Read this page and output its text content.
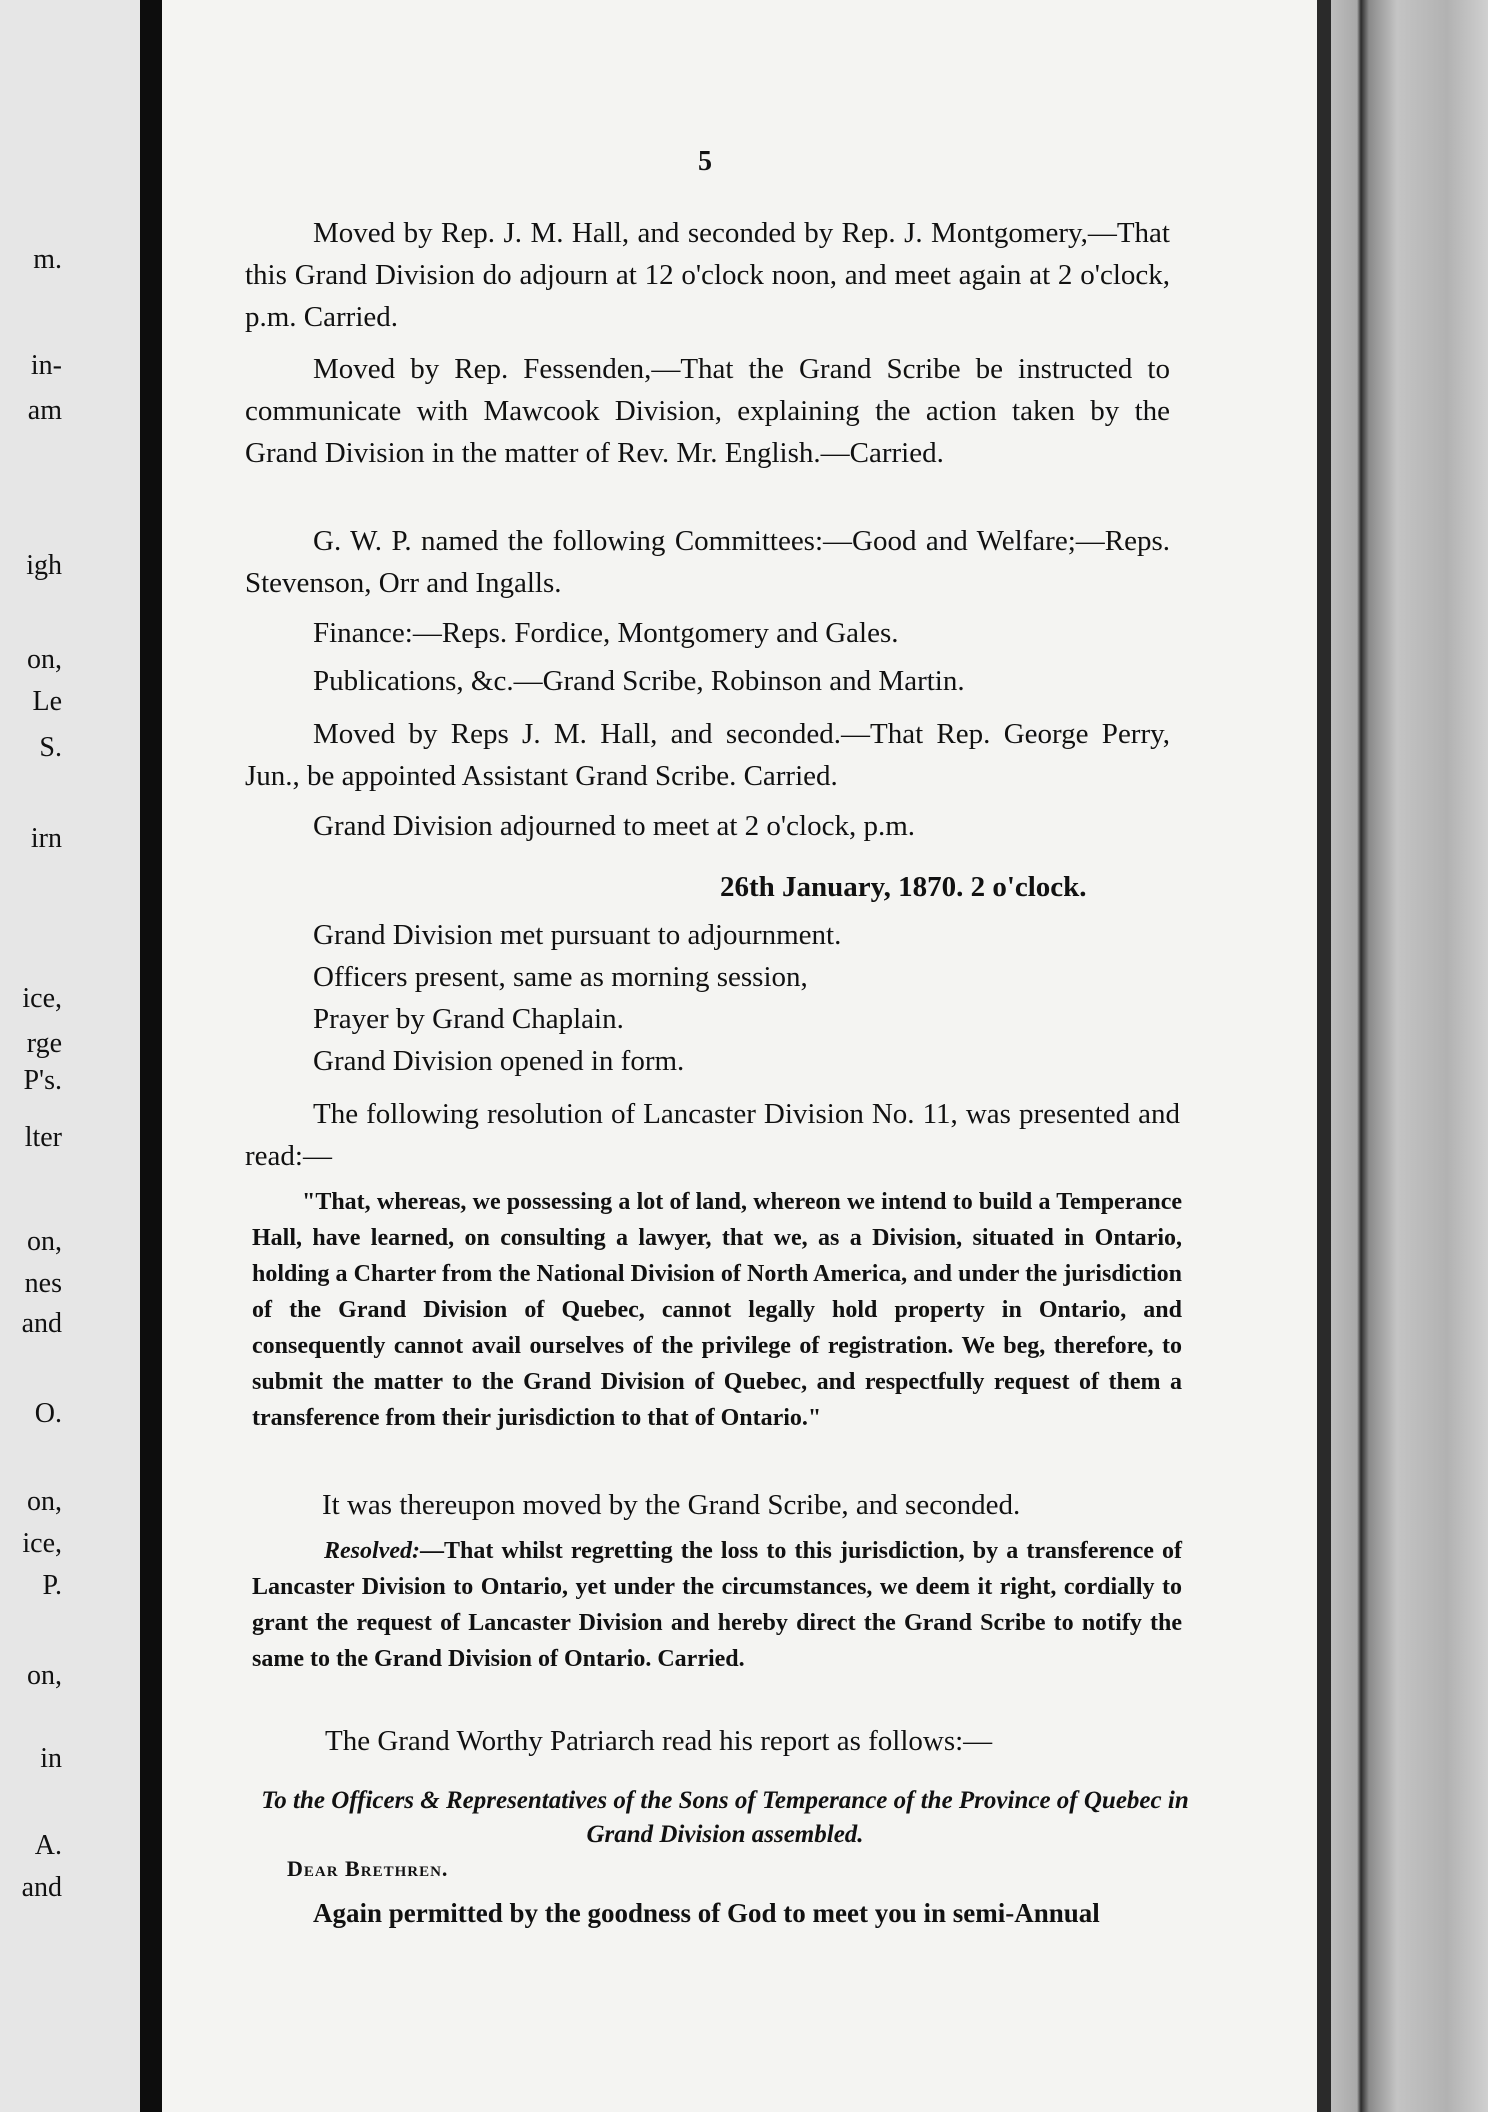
m.
in-
am
igh
on,
Le
S.
irn
ice,
rge
P's.
lter
on,
nes
and
O.
on,
ice,
P.
on,
in
A.
and
5
Moved by Rep. J. M. Hall, and seconded by Rep. J. Montgomery,—That this Grand Division do adjourn at 12 o'clock noon, and meet again at 2 o'clock, p.m. Carried.
Moved by Rep. Fessenden,—That the Grand Scribe be instructed to communicate with Mawcook Division, explaining the action taken by the Grand Division in the matter of Rev. Mr. English.—Carried.
G. W. P. named the following Committees:—Good and Welfare;—Reps. Stevenson, Orr and Ingalls.
Finance:—Reps. Fordice, Montgomery and Gales.
Publications, &c.—Grand Scribe, Robinson and Martin.
Moved by Reps J. M. Hall, and seconded.—That Rep. George Perry, Jun., be appointed Assistant Grand Scribe. Carried.
Grand Division adjourned to meet at 2 o'clock, p.m.
26th January, 1870. 2 o'clock.
Grand Division met pursuant to adjournment.
Officers present, same as morning session,
Prayer by Grand Chaplain.
Grand Division opened in form.
The following resolution of Lancaster Division No. 11, was presented and read:—
"That, whereas, we possessing a lot of land, whereon we intend to build a Temperance Hall, have learned, on consulting a lawyer, that we, as a Division, situated in Ontario, holding a Charter from the National Division of North America, and under the jurisdiction of the Grand Division of Quebec, cannot legally hold property in Ontario, and consequently cannot avail ourselves of the privilege of registration. We beg, therefore, to submit the matter to the Grand Division of Quebec, and respectfully request of them a transference from their jurisdiction to that of Ontario."
It was thereupon moved by the Grand Scribe, and seconded.
Resolved:—That whilst regretting the loss to this jurisdiction, by a transference of Lancaster Division to Ontario, yet under the circumstances, we deem it right, cordially to grant the request of Lancaster Division and hereby direct the Grand Scribe to notify the same to the Grand Division of Ontario. Carried.
The Grand Worthy Patriarch read his report as follows:—
To the Officers & Representatives of the Sons of Temperance of the Province of Quebec in Grand Division assembled.
Dear Brethren.
Again permitted by the goodness of God to meet you in semi-Annual
